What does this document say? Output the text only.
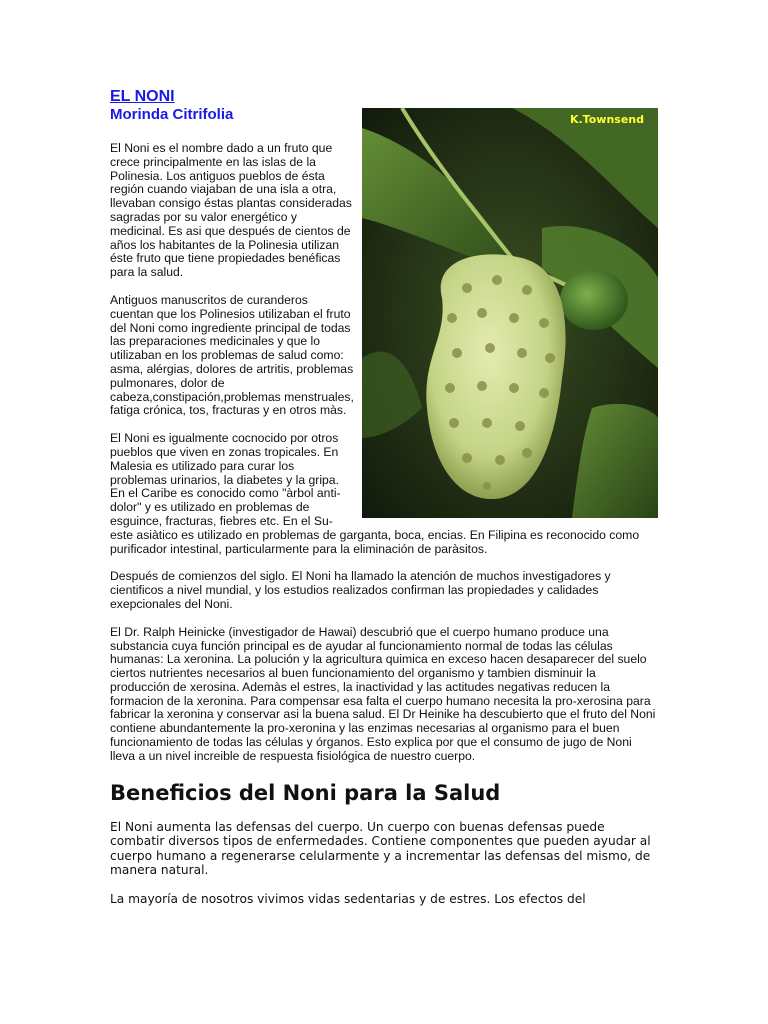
EL NONI
Morinda Citrifolia	K.Townsend

El Noni es el nombre dado a un fruto que crece principalmente en las islas de la Polinesia. Los antiguos pueblos de ésta región cuando viajaban de una isla a otra, llevaban consigo éstas plantas consideradas sagradas por su valor energético y medicinal. Es asi que después de cientos de años los habitantes de la Polinesia utilizan éste fruto que tiene propiedades benéficas para la salud.

Antiguos manuscritos de curanderos cuentan que los Polinesios utilizaban el fruto del Noni como ingrediente principal de todas las preparaciones medicinales y que lo utilizaban en los problemas de salud como: asma, alérgias, dolores de artritis, problemas pulmonares, dolor de cabeza,constipación,problemas menstruales, fatiga crónica, tos, fracturas y en otros màs.

El Noni es igualmente cocnocido por otros pueblos que viven en zonas tropicales. En Malesia es utilizado para curar los problemas urinarios, la diabetes y la gripa. En el Caribe es conocido como "àrbol anti-dolor" y es utilizado en problemas de esguince, fracturas, fiebres etc. En el Su-este asiàtico es utilizado en problemas de garganta, boca, encias. En Filipina es reconocido como purificador intestinal, particularmente para la eliminación de paràsitos.

Después de comienzos del siglo. El Noni ha llamado la atención de muchos investigadores y cientificos a nivel mundial, y los estudios realizados confirman las propiedades y calidades exepcionales del Noni.

El Dr. Ralph Heinicke (investigador de Hawai) descubrió que el cuerpo humano produce una substancia cuya función principal es de ayudar al funcionamiento normal de todas las células humanas: La xeronina. La polución y la agricultura quimica en exceso hacen desaparecer del suelo ciertos nutrientes necesarios al buen funcionamiento del organismo y tambien disminuir la producción de xerosina. Ademàs el estres, la inactividad y las actitudes negativas reducen la formacion de la xeronina. Para compensar esa falta el cuerpo humano necesita la pro-xerosina para fabricar la xeronina y conservar asi la buena salud. El Dr Heinike ha descubierto que el fruto del Noni contiene abundantemente la pro-xeronina y las enzimas necesarias al organismo para el buen funcionamiento de todas las células y órganos. Esto explica por que el consumo de jugo de Noni lleva a un nivel increible de respuesta fisiológica de nuestro cuerpo.

Beneficios del Noni para la Salud

El Noni aumenta las defensas del cuerpo. Un cuerpo con buenas defensas puede combatir diversos tipos de enfermedades. Contiene componentes que pueden ayudar al cuerpo humano a regenerarse celularmente y a incrementar las defensas del mismo, de manera natural.

La mayoría de nosotros vivimos vidas sedentarias y de estres. Los efectos del
